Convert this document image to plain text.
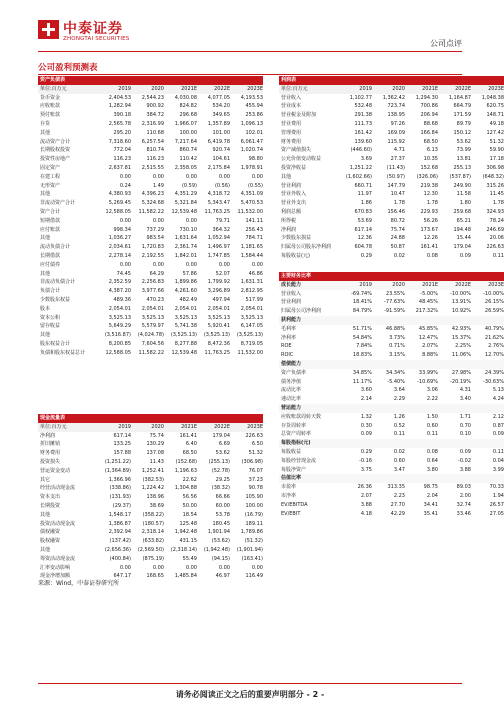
中泰证券
ZHONGTAI SECURITIES	公司点评
公司盈利预测表
资产负债表
单位:百万元	2019	2020	2021E	2022E	2023E
货币资金	2,404.53	2,544.23	4,030.08	4,077.05	4,193.53
应收账款	1,282.94	900.92	824.82	534.20	455.94
预付账款	390.18	384.72	296.68	349.65	253.86
存货	2,565.78	2,316.99	1,966.07	1,357.89	1,096.13
其他	295.20	110.68	100.00	101.00	102.01
流动资产合计	7,318.60	6,257.54	7,217.64	6,419.78	6,061.47
长期股权投资	772.04	810.74	860.74	920.74	1,020.74
投资性房地产	116.23	116.23	110.42	104.61	98.80
固定资产	2,637.81	2,515.55	2,358.05	2,175.84	1,978.91
在建工程	0.00	0.00	0.00	0.00	0.00
无形资产	0.24	1.49	(0.59)	(0.56)	(0.55)
其他	4,380.93	4,396.23	4,351.29	4,318.72	4,351.09
非流动资产合计	5,269.45	5,324.68	5,321.84	5,343.47	5,470.53
资产合计	12,588.05	11,582.22	12,539.48	11,763.25	11,532.00
短期借款	0.00	0.00	0.00	79.71	141.11
应付账款	998.34	737.29	730.10	364.32	256.43
其他	1,036.27	983.54	1,631.64	1,052.94	784.71
流动负债合计	2,034.61	1,720.83	2,361.74	1,496.97	1,181.65
长期借款	2,278.14	2,192.55	1,842.01	1,747.85	1,584.44
应付债券	0.00	0.00	0.00	0.00	0.00
其他	74.45	64.29	57.86	52.07	46.86
非流动负债合计	2,352.59	2,256.83	1,899.86	1,799.92	1,631.31
负债合计	4,387.20	3,977.66	4,261.60	3,296.89	2,812.95
少数股东权益	489.36	470.23	482.49	497.94	517.99
股本	2,054.01	2,054.01	2,054.01	2,054.01	2,054.01
资本公积	3,525.13	3,525.13	3,525.13	3,525.13	3,525.13
留存收益	5,649.29	5,579.97	5,741.38	5,920.41	6,147.05
其他	(3,516.87)	(4,024.78)	(3,525.13)	(3,525.13)	(3,525.13)
股东权益合计	8,200.85	7,604.56	8,277.88	8,472.36	8,719.05
负债和股东权益总计	12,588.05	11,582.22	12,539.48	11,763.25	11,532.00
现金流量表
单位:百万元	2019	2020	2021E	2022E	2023E
净利润	617.14	75.74	161.41	179.04	226.63
折旧摊销	133.25	130.29	6.40	6.69	6.50
财务费用	157.88	137.08	68.50	53.62	51.32
投资损失	(1,251.22)	11.43	(152.68)	(255.13)	(306.98)
营运资金变动	(1,364.89)	1,252.41	1,196.63	(52.78)	76.07
其它	1,366.96	(382.53)	22.62	29.25	37.23
经营活动现金流	(338.86)	1,224.42	1,304.88	(38.32)	90.78
资本支出	(131.93)	138.96	56.56	66.66	105.90
长期投资	(29.37)	38.69	50.00	60.00	100.00
其他	1,548.17	(358.22)	18.54	53.78	(16.79)
投资活动现金流	1,386.87	(180.57)	125.48	180.45	189.11
债权融资	2,392.94	2,318.14	1,942.48	1,901.94	1,789.86
股权融资	(137.42)	(633.82)	431.15	(53.62)	(51.32)
其他	(2,656.36)	(2,569.50)	(2,318.14)	(1,942.48)	(1,901.94)
筹资活动现金流	(400.84)	(875.19)	55.49	(94.15)	(163.41)
汇率变动影响	0.00	0.00	0.00	0.00	0.00
现金净增加额	647.17	168.65	1,485.84	46.97	116.49
利润表
单位:百万元	2019	2020	2021E	2022E	2023E
营业收入	1,102.77	1,362.42	1,294.30	1,164.87	1,048.38
营业成本	532.48	723.74	700.86	664.79	620.75
营业税金及附加	291.38	138.95	206.94	171.59	148.71
营业费用	111.73	97.26	88.68	89.79	49.18
管理费用	161.42	169.09	166.84	150.12	127.42
财务费用	139.60	115.92	68.50	53.62	51.32
资产减值损失	(446.60)	4.71	6.13	73.99	59.90
公允价值变动收益	3.69	27.37	10.35	13.81	17.18
投资净收益	1,251.22	(11.43)	152.68	255.13	306.98
其他	(1,602.66)	(50.97)	(326.06)	(537.87)	(648.32)
营业利润	660.71	147.79	219.38	249.90	315.26
营业外收入	11.97	10.47	12.30	11.58	11.45
营业外支出	1.86	1.78	1.78	1.80	1.78
利润总额	670.83	156.46	229.93	259.68	324.93
所得税	53.69	80.72	56.26	65.21	78.24
净利润	617.14	75.74	173.67	194.48	246.69
少数股东损益	12.36	24.88	12.26	15.44	20.06
归属母公司股东净利润	604.78	50.87	161.41	179.04	226.63
每股收益(元)	0.29	0.02	0.08	0.09	0.11
主要财务比率
成长能力	2019	2020	2021E	2022E	2023E
营业收入	-69.74%	23.55%	-5.00%	-10.00%	-10.00%
营业利润	18.41%	-77.63%	48.45%	13.91%	26.15%
归属母公司净利润	84.79%	-91.59%	217.32%	10.92%	26.59%
获利能力
毛利率	51.71%	46.88%	45.85%	42.93%	40.79%
净利率	54.84%	3.73%	12.47%	15.37%	21.62%
ROE	7.84%	0.71%	2.07%	2.25%	2.76%
ROIC	18.83%	3.15%	8.88%	11.06%	12.70%
偿债能力
资产负债率	34.85%	34.34%	33.99%	27.98%	24.39%
债务净值	11.17%	-5.40%	-10.69%	-20.19%	-30.63%
流动比率	3.60	3.64	3.06	4.31	5.13
速动比率	2.14	2.29	2.22	3.40	4.24
营运能力
应收账款周转天数	1.32	1.26	1.50	1.71	2.12
存货周转率	0.30	0.52	0.60	0.70	0.87
总资产周转率	0.09	0.11	0.11	0.10	0.09
每股指标(元)
每股收益	0.29	0.02	0.08	0.09	0.11
每股经营现金流	-0.16	0.60	0.64	-0.02	0.04
每股净资产	3.75	3.47	3.80	3.88	3.99
估值比率
市盈率	26.36	313.35	98.75	89.03	70.33
市净率	2.07	2.23	2.04	2.00	1.94
EV/EBITDA	3.88	27.70	34.41	32.74	26.57
EV/EBIT	4.18	42.29	35.41	33.46	27.05
来源：Wind，中泰证券研究所
请务必阅读正文之后的重要声明部分 - 2 -
